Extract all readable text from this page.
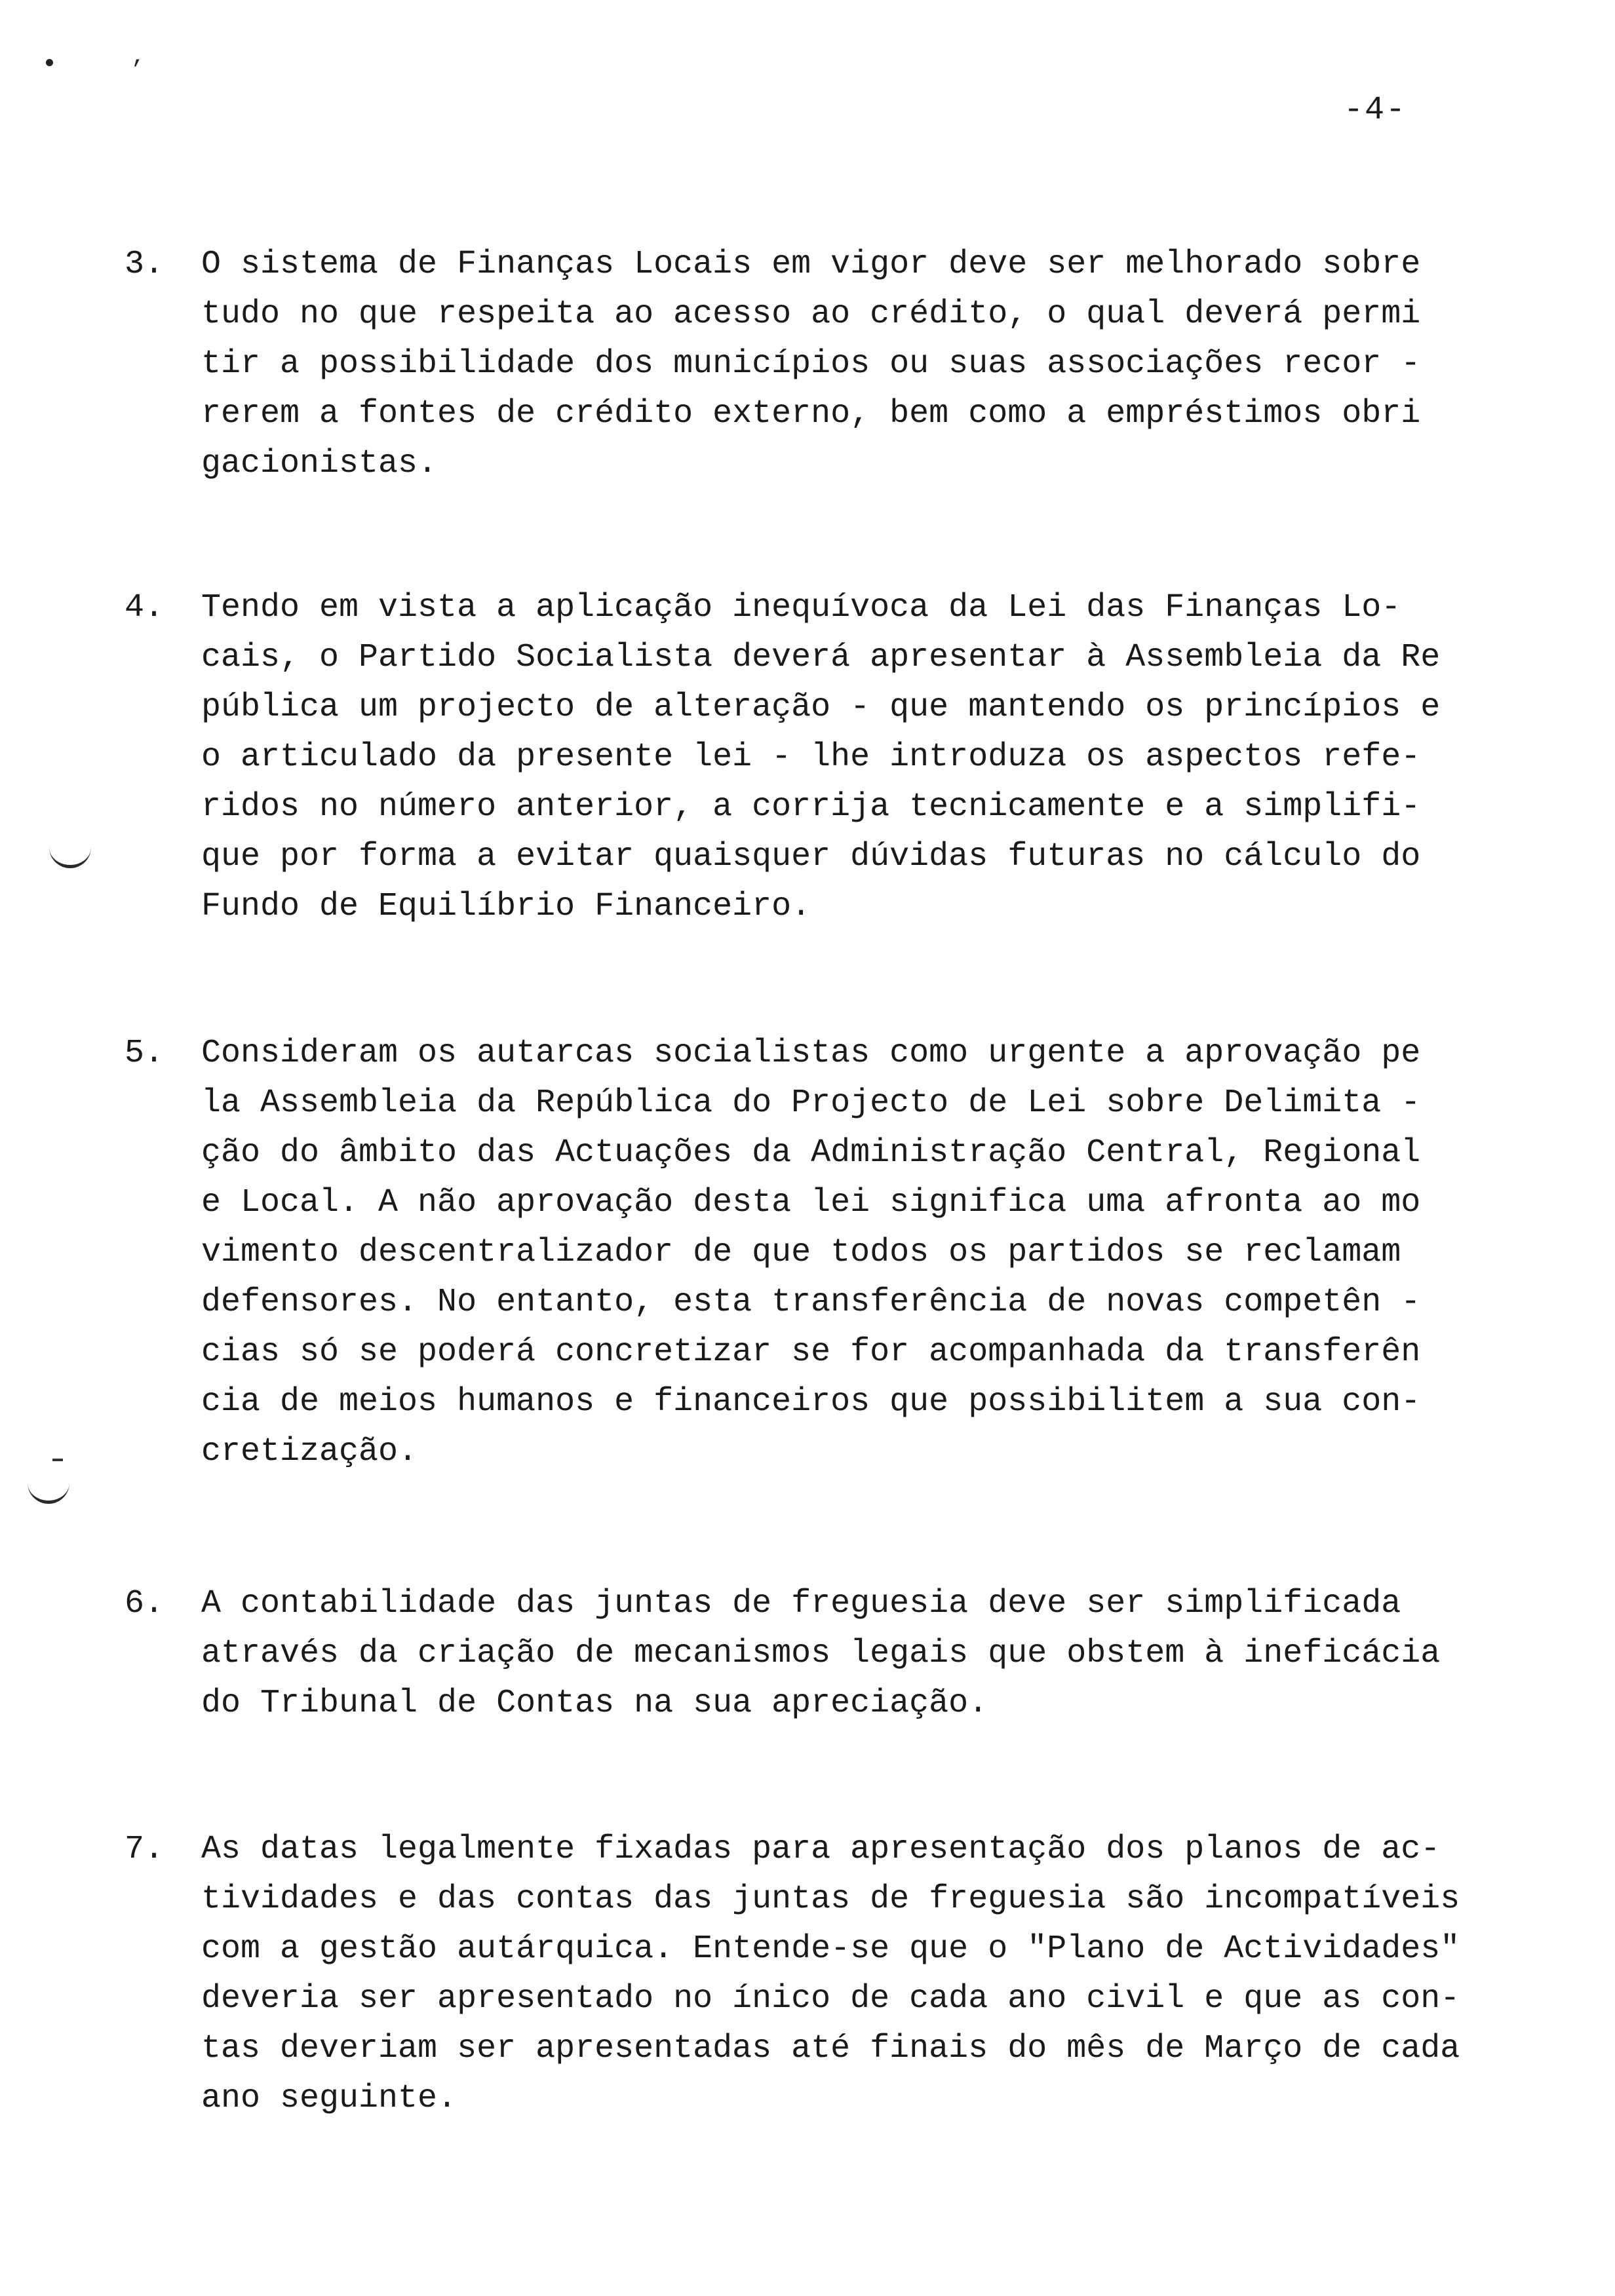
’
-4-
3. O sistema de Finanças Locais em vigor deve ser melhorado sobre
tudo no que respeita ao acesso ao crédito, o qual deverá permi
tir a possibilidade dos municípios ou suas associações recor -
rerem a fontes de crédito externo, bem como a empréstimos obri
gacionistas.
4. Tendo em vista a aplicação inequívoca da Lei das Finanças Lo-
cais, o Partido Socialista deverá apresentar à Assembleia da Re
pública um projecto de alteração - que mantendo os princípios e
o articulado da presente lei - lhe introduza os aspectos refe-
ridos no número anterior, a corrija tecnicamente e a simplifi-
que por forma a evitar quaisquer dúvidas futuras no cálculo do
Fundo de Equilíbrio Financeiro.
5. Consideram os autarcas socialistas como urgente a aprovação pe
la Assembleia da República do Projecto de Lei sobre Delimita -
ção do âmbito das Actuações da Administração Central, Regional
e Local. A não aprovação desta lei significa uma afronta ao mo
vimento descentralizador de que todos os partidos se reclamam
defensores. No entanto, esta transferência de novas competên -
cias só se poderá concretizar se for acompanhada da transferên
cia de meios humanos e financeiros que possibilitem a sua con-
cretização.
6. A contabilidade das juntas de freguesia deve ser simplificada
através da criação de mecanismos legais que obstem à ineficácia
do Tribunal de Contas na sua apreciação.
7. As datas legalmente fixadas para apresentação dos planos de ac-
tividades e das contas das juntas de freguesia são incompatíveis
com a gestão autárquica. Entende-se que o "Plano de Actividades"
deveria ser apresentado no ínico de cada ano civil e que as con-
tas deveriam ser apresentadas até finais do mês de Março de cada
ano seguinte.
